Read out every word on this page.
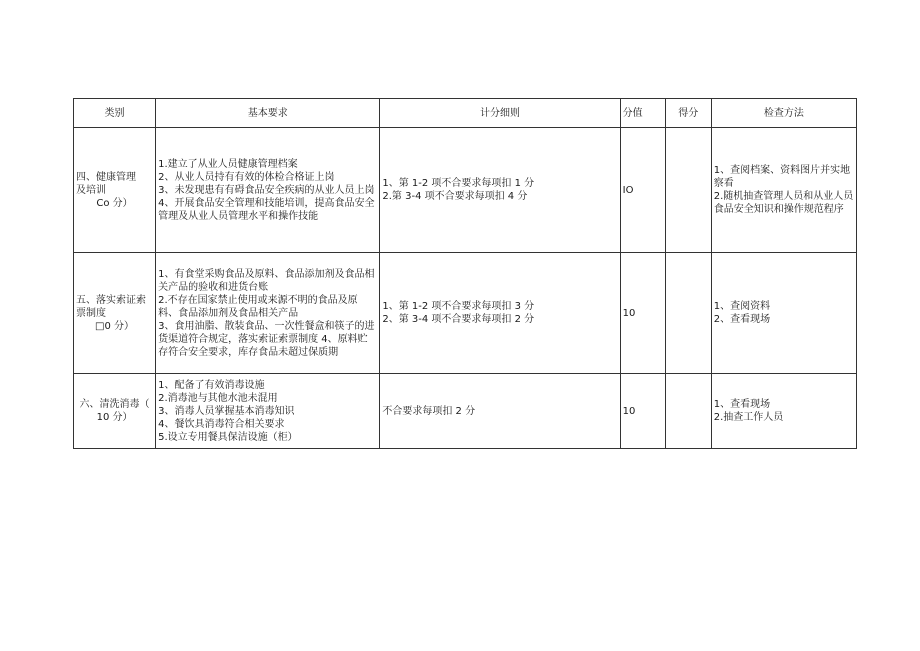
类别	基本要求	计分细则	分值	得分	检查方法

四、健康管理
及培训
Co 分）	1.建立了从业人员健康管理档案
2、从业人员持有有效的体检合格证上岗
3、未发现患有有碍食品安全疾病的从业人员上岗
4、开展食品安全管理和技能培训，提高食品安全管理及从业人员管理水平和操作技能	1、第 1-2 项不合要求每项扣 1 分
2.第 3-4 项不合要求每项扣 4 分	IO		1、查阅档案、资料图片并实地察看
2.随机抽查管理人员和从业人员食品安全知识和操作规范程序

五、落实索证索
票制度
□0 分）	1、有食堂采购食品及原料、食品添加剂及食品相关产品的验收和进货台账
2.不存在国家禁止使用或来源不明的食品及原料、食品添加剂及食品相关产品
3、食用油脂、散装食品、一次性餐盒和筷子的进货渠道符合规定，落实索证索票制度 4、原料贮存符合安全要求，库存食品未超过保质期	1、第 1-2 项不合要求每项扣 3 分
2、第 3-4 项不合要求每项扣 2 分	10		1、查阅资料
2、查看现场

六、清洗消毒（
10 分）	1、配备了有效消毒设施
2.消毒池与其他水池未混用
3、消毒人员掌握基本消毒知识
4、餐饮具消毒符合相关要求
5.设立专用餐具保洁设施（柜）	不合要求每项扣 2 分	10		1、查看现场
2.抽查工作人员
